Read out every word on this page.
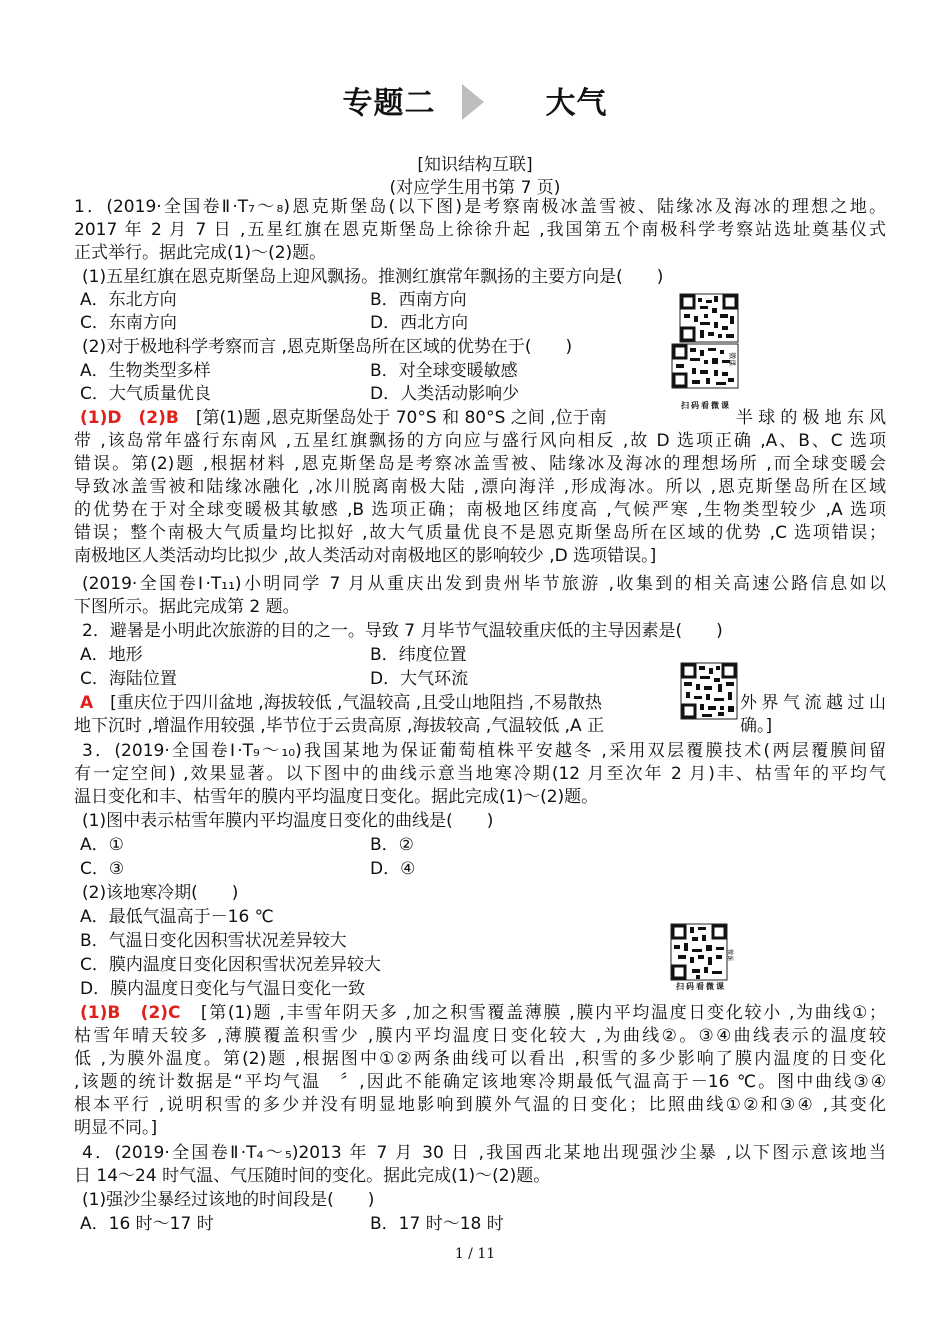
专题二	大气
[知识结构互联]
(对应学生用书第 7 页)
1．(2019·全国卷Ⅱ·T₇～₈)恩克斯堡岛(以下图)是考察南极冰盖雪被、陆缘冰及海冰的理想之地。
2017 年 2 月 7 日 ,五星红旗在恩克斯堡岛上徐徐升起 ,我国第五个南极科学考察站选址奠基仪式
正式举行。据此完成(1)～(2)题。
(1)五星红旗在恩克斯堡岛上迎风飘扬。推测红旗常年飘扬的主要方向是(　　)
A．东北方向	B．西南方向
C．东南方向	D．西北方向
(2)对于极地科学考察而言 ,恩克斯堡岛所在区域的优势在于(　　)
A．生物类型多样	B．对全球变暖敏感
C．大气质量优良	D．人类活动影响少
微课
扫码看微课
(1)D　(2)B　 [第(1)题 ,恩克斯堡岛处于 70°S 和 80°S 之间 ,位于南	半球的极地东风
带 ,该岛常年盛行东南风 ,五星红旗飘扬的方向应与盛行风向相反 ,故 D 选项正确 ,A、B、C 选项
错误。第(2)题 ,根据材料 ,恩克斯堡岛是考察冰盖雪被、陆缘冰及海冰的理想场所 ,而全球变暖会
导致冰盖雪被和陆缘冰融化 ,冰川脱离南极大陆 ,漂向海洋 ,形成海冰。所以 ,恩克斯堡岛所在区域
的优势在于对全球变暖极其敏感 ,B 选项正确；南极地区纬度高 ,气候严寒 ,生物类型较少 ,A 选项
错误；整个南极大气质量均比拟好 ,故大气质量优良不是恩克斯堡岛所在区域的优势 ,C 选项错误；
南极地区人类活动均比拟少 ,故人类活动对南极地区的影响较少 ,D 选项错误。]
(2019·全国卷Ⅰ·T₁₁)小明同学 7 月从重庆出发到贵州毕节旅游 ,收集到的相关高速公路信息如以
下图所示。据此完成第 2 题。
2．避暑是小明此次旅游的目的之一。导致 7 月毕节气温较重庆低的主导因素是(　　)
A．地形	B．纬度位置
C．海陆位置	D．大气环流
A　 [重庆位于四川盆地 ,海拔较低 ,气温较高 ,且受山地阻挡 ,不易散热	外界气流越过山
地下沉时 ,增温作用较强 ,毕节位于云贵高原 ,海拔较高 ,气温较低 ,A 正	确。]
3．(2019·全国卷Ⅰ·T₉～₁₀)我国某地为保证葡萄植株平安越冬 ,采用双层覆膜技术(两层覆膜间留
有一定空间) ,效果显著。以下图中的曲线示意当地寒冷期(12 月至次年 2 月)丰、枯雪年的平均气
温日变化和丰、枯雪年的膜内平均温度日变化。据此完成(1)～(2)题。
(1)图中表示枯雪年膜内平均温度日变化的曲线是(　　)
A．①	B．②
C．③	D．④
(2)该地寒冷期(　　)
A．最低气温高于－16 ℃
B．气温日变化因积雪状况差异较大
C．膜内温度日变化因积雪状况差异较大
D．膜内温度日变化与气温日变化一致
微课
扫码看微课
(1)B　(2)C　 [第(1)题 ,丰雪年阴天多 ,加之积雪覆盖薄膜 ,膜内平均温度日变化较小 ,为曲线①；
枯雪年晴天较多 ,薄膜覆盖积雪少 ,膜内平均温度日变化较大 ,为曲线②。③④曲线表示的温度较
低 ,为膜外温度。第(2)题 ,根据图中①②两条曲线可以看出 ,积雪的多少影响了膜内温度的日变化
,该题的统计数据是“平均气温　〞,因此不能确定该地寒冷期最低气温高于－16 ℃。图中曲线③④
根本平行 ,说明积雪的多少并没有明显地影响到膜外气温的日变化；比照曲线①②和③④ ,其变化
明显不同。]
4．(2019·全国卷Ⅱ·T₄～₅)2013 年 7 月 30 日 ,我国西北某地出现强沙尘暴 ,以下图示意该地当
日 14～24 时气温、气压随时间的变化。据此完成(1)～(2)题。
(1)强沙尘暴经过该地的时间段是(　　)
A．16 时～17 时	B．17 时～18 时
1 / 11
